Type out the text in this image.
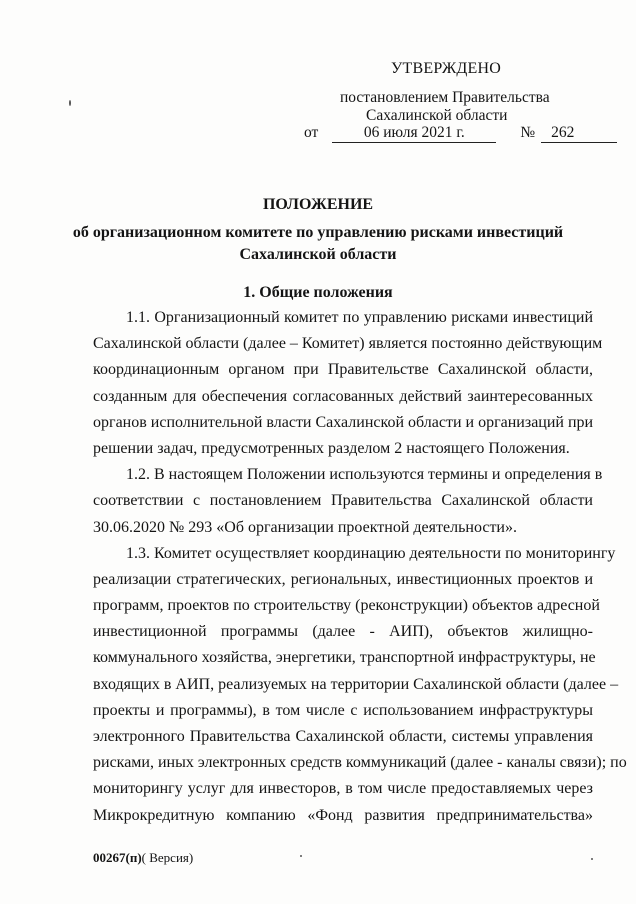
УТВЕРЖДЕНО
постановлением Правительства
Сахалинской области
от	06 июля 2021 г.	№ 262
ПОЛОЖЕНИЕ
об организационном комитете по управлению рисками инвестиций
Сахалинской области
1. Общие положения
1.1. Организационный комитет по управлению рисками инвестиций
Сахалинской области (далее – Комитет) является постоянно действующим
координационным органом при Правительстве Сахалинской области,
созданным для обеспечения согласованных действий заинтересованных
органов исполнительной власти Сахалинской области и организаций при
решении задач, предусмотренных разделом 2 настоящего Положения.
1.2. В настоящем Положении используются термины и определения в
соответствии с постановлением Правительства Сахалинской области
30.06.2020 № 293 «Об организации проектной деятельности».
1.3. Комитет осуществляет координацию деятельности по мониторингу
реализации стратегических, региональных, инвестиционных проектов и
программ, проектов по строительству (реконструкции) объектов адресной
инвестиционной программы (далее - АИП), объектов жилищно-
коммунального хозяйства, энергетики, транспортной инфраструктуры, не
входящих в АИП, реализуемых на территории Сахалинской области (далее –
проекты и программы), в том числе с использованием инфраструктуры
электронного Правительства Сахалинской области, системы управления
рисками, иных электронных средств коммуникаций (далее - каналы связи); по
мониторингу услуг для инвесторов, в том числе предоставляемых через
Микрокредитную компанию «Фонд развития предпринимательства»
00267(п)( Версия)
